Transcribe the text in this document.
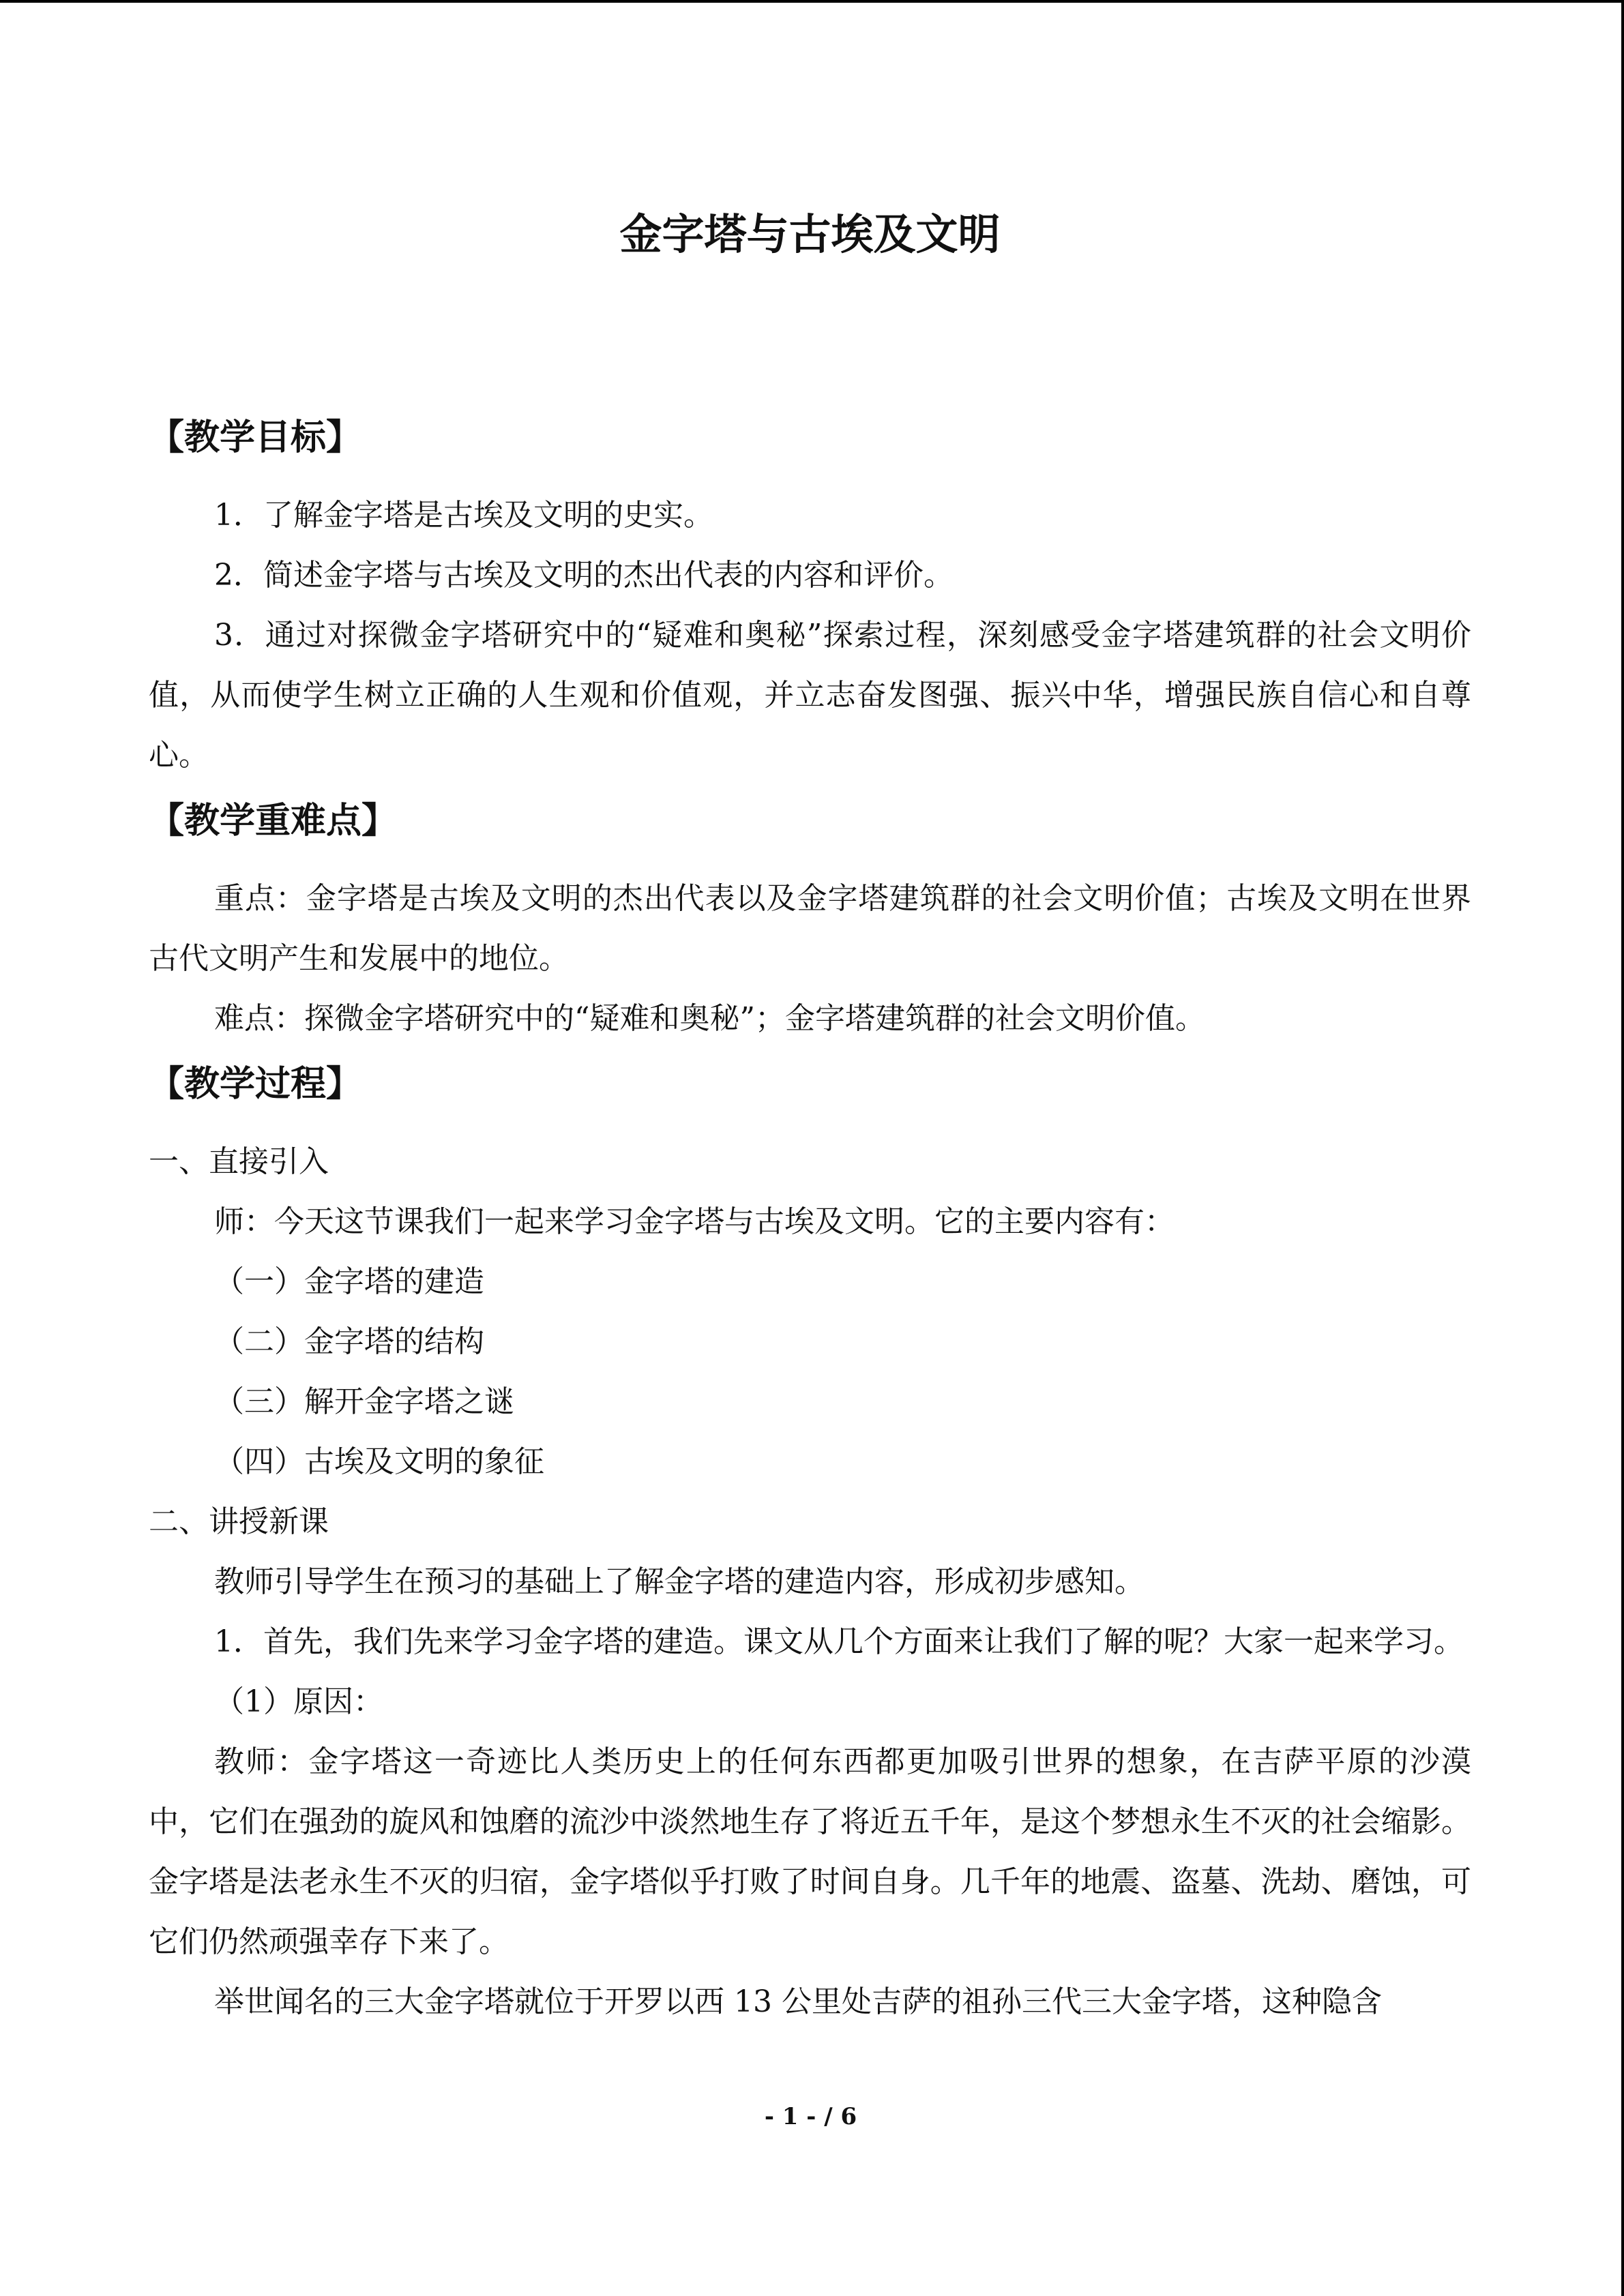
金字塔与古埃及文明
【教学目标】

1．了解金字塔是古埃及文明的史实。

2．简述金字塔与古埃及文明的杰出代表的内容和评价。

3．通过对探微金字塔研究中的“疑难和奥秘”探索过程，深刻感受金字塔建筑群的社会文明价值，从而使学生树立正确的人生观和价值观，并立志奋发图强、振兴中华，增强民族自信心和自尊心。

【教学重难点】

重点：金字塔是古埃及文明的杰出代表以及金字塔建筑群的社会文明价值；古埃及文明在世界古代文明产生和发展中的地位。

难点：探微金字塔研究中的“疑难和奥秘”；金字塔建筑群的社会文明价值。

【教学过程】

一、直接引入

师：今天这节课我们一起来学习金字塔与古埃及文明。它的主要内容有：

（一）金字塔的建造

（二）金字塔的结构

（三）解开金字塔之谜

（四）古埃及文明的象征

二、讲授新课

教师引导学生在预习的基础上了解金字塔的建造内容，形成初步感知。

1．首先，我们先来学习金字塔的建造。课文从几个方面来让我们了解的呢？大家一起来学习。

（1）原因：

教师：金字塔这一奇迹比人类历史上的任何东西都更加吸引世界的想象，在吉萨平原的沙漠中，它们在强劲的旋风和蚀磨的流沙中淡然地生存了将近五千年，是这个梦想永生不灭的社会缩影。金字塔是法老永生不灭的归宿，金字塔似乎打败了时间自身。几千年的地震、盗墓、洗劫、磨蚀，可它们仍然顽强幸存下来了。

举世闻名的三大金字塔就位于开罗以西 13 公里处吉萨的祖孙三代三大金字塔，这种隐含

- 1 - / 6
